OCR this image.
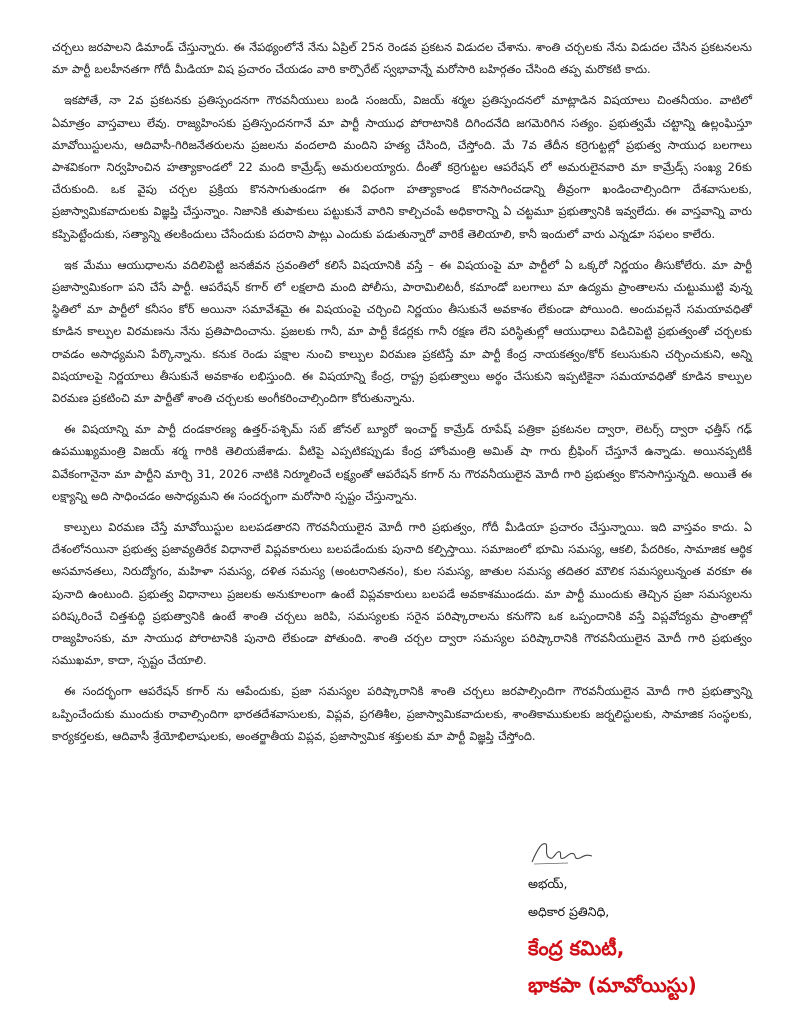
చర్చలు జరపాలని డిమాండ్ చేస్తున్నారు. ఈ నేపథ్యంలోనే నేను ఏప్రిల్ 25న రెండవ ప్రకటన విడుదల చేశాను. శాంతి చర్చలకు నేను విడుదల చేసిన ప్రకటనలను మా పార్టీ బలహీనతగా గోదీ మీడియా విష ప్రచారం చేయడం వారి కార్పొరేట్ స్వభావాన్నే మరోసారి బహిర్గతం చేసింది తప్ప మరొకటి కాదు.

ఇకపోతే, నా 2వ ప్రకటనకు ప్రతిస్పందనగా గౌరవనీయులు బండి సంజయ్, విజయ్ శర్మల ప్రతిస్పందనలో మాట్లాడిన విషయాలు చింతనీయం. వాటిలో ఏమాత్రం వాస్తవాలు లేవు. రాజ్యహింసకు ప్రతిస్పందనగానే మా పార్టీ సాయుధ పోరాటానికి దిగిందనేది జగమెరిగిన సత్యం. ప్రభుత్వమే చట్టాన్ని ఉల్లంఘిస్తూ మావోయిస్టులను, ఆదివాసీ-గిరిజనేతరులను ప్రజలను వందలాది మందిని హత్య చేసింది, చేస్తోంది. మే 7వ తేదీన కర్రెగుట్టల్లో ప్రభుత్వ సాయుధ బలగాలు పాశవికంగా నిర్వహించిన హత్యాకాండలో 22 మంది కామ్రేడ్స్ అమరులయ్యారు. దీంతో కర్రెగుట్టల ఆపరేషన్ లో అమరులైనవారి మా కామ్రేడ్స్ సంఖ్య 26కు చేరుకుంది. ఒక వైపు చర్చల ప్రక్రియ కొనసాగుతుండగా ఈ విధంగా హత్యాకాండ కొనసాగించడాన్ని తీవ్రంగా ఖండించాల్సిందిగా దేశవాసులకు, ప్రజాస్వామికవాదులకు విజ్ఞప్తి చేస్తున్నాం. నిజానికి తుపాకులు పట్టుకునే వారిని కాల్చిచంపే అధికారాన్ని ఏ చట్టమూ ప్రభుత్వానికి ఇవ్వలేదు. ఈ వాస్తవాన్ని వారు కప్పిపెట్టేందుకు, సత్యాన్ని తలకిందులు చేసేందుకు పదరాని పాట్లు ఎందుకు పడుతున్నారో వారికే తెలియాలి, కానీ ఇందులో వారు ఎన్నడూ సఫలం కాలేరు.

ఇక మేము ఆయుధాలను వదిలిపెట్టి జనజీవన స్రవంతిలో కలిసే విషయానికి వస్తే – ఈ విషయంపై మా పార్టీలో ఏ ఒక్కరో నిర్ణయం తీసుకోలేరు. మా పార్టీ ప్రజాస్వామికంగా పని చేసే పార్టీ. ఆపరేషన్ కగార్ లో లక్షలాది మంది పోలీసు, పారామిలిటరీ, కమాండో బలగాలు మా ఉద్యమ ప్రాంతాలను చుట్టుముట్టి వున్న స్థితిలో మా పార్టీలో కనీసం కోర్ అయినా సమావేశమై ఈ విషయంపై చర్చించి నిర్ణయం తీసుకునే అవకాశం లేకుండా పోయింది. అందువల్లనే సమయావధితో కూడిన కాల్పుల విరమణను నేను ప్రతిపాదించాను. ప్రజలకు గానీ, మా పార్టీ కేడర్లకు గానీ రక్షణ లేని పరిస్థితుల్లో ఆయుధాలు విడిచిపెట్టి ప్రభుత్వంతో చర్చలకు రావడం అసాధ్యమని పేర్కొన్నాను. కనుక రెండు పక్షాల నుంచి కాల్పుల విరమణ ప్రకటిస్తే మా పార్టీ కేంద్ర నాయకత్వం/కోర్ కలుసుకుని చర్చించుకుని, అన్ని విషయాలపై నిర్ణయాలు తీసుకునే అవకాశం లభిస్తుంది. ఈ విషయాన్ని కేంద్ర, రాష్ట్ర ప్రభుత్వాలు అర్థం చేసుకుని ఇప్పటికైనా సమయావధితో కూడిన కాల్పుల విరమణ ప్రకటించి మా పార్టీతో శాంతి చర్చలకు అంగీకరించాల్సిందిగా కోరుతున్నాను.

ఈ విషయాన్ని మా పార్టీ దండకారణ్య ఉత్తర్-పశ్చిమ్ సబ్ జోనల్ బ్యూరో ఇంచార్జ్ కామ్రేడ్ రూపేష్ పత్రికా ప్రకటనల ద్వారా, లెటర్స్ ద్వారా ఛత్తీస్ గఢ్ ఉపముఖ్యమంత్రి విజయ్ శర్మ గారికి తెలియజేశాడు. వీటిపై ఎప్పటికప్పుడు కేంద్ర హోంమంత్రి అమిత్ షా గారు బ్రీఫింగ్ చేస్తూనే ఉన్నాడు. అయినప్పటికీ వివేకంగానైనా మా పార్టీని మార్చి 31, 2026 నాటికి నిర్మూలించే లక్ష్యంతో ఆపరేషన్ కగార్ ను గౌరవనీయులైన మోదీ గారి ప్రభుత్వం కొనసాగిస్తున్నది. అయితే ఈ లక్ష్యాన్ని అది సాధించడం అసాధ్యమని ఈ సందర్భంగా మరోసారి స్పష్టం చేస్తున్నాను.

కాల్పులు విరమణ చేస్తే మావోయిస్టుల బలపడతారని గౌరవనీయులైన మోదీ గారి ప్రభుత్వం, గోదీ మీడియా ప్రచారం చేస్తున్నాయి. ఇది వాస్తవం కాదు. ఏ దేశంలోనయినా ప్రభుత్వ ప్రజావ్యతిరేక విధానాలే విప్లవకారులు బలపడేందుకు పునాది కల్పిస్తాయి. సమాజంలో భూమి సమస్య, ఆకలి, పేదరికం, సామాజిక ఆర్థిక అసమానతలు, నిరుద్యోగం, మహిళా సమస్య, దళిత సమస్య (అంటరానితనం), కుల సమస్య, జాతుల సమస్య తదితర మౌలిక సమస్యలున్నంత వరకూ ఈ పునాది ఉంటుంది. ప్రభుత్వ విధానాలు ప్రజలకు అనుకూలంగా ఉంటే విప్లవకారులు బలపడే అవకాశముండదు. మా పార్టీ ముందుకు తెచ్చిన ప్రజా సమస్యలను పరిష్కరించే చిత్తశుద్ధి ప్రభుత్వానికి ఉంటే శాంతి చర్చలు జరిపి, సమస్యలకు సరైన పరిష్కారాలను కనుగొని ఒక ఒప్పందానికి వస్తే విప్లవోద్యమ ప్రాంతాల్లో రాజ్యహింసకు, మా సాయుధ పోరాటానికి పునాది లేకుండా పోతుంది. శాంతి చర్చల ద్వారా సమస్యల పరిష్కారానికి గౌరవనీయులైన మోదీ గారి ప్రభుత్వం సముఖమా, కాదా, స్పష్టం చేయాలి.

ఈ సందర్భంగా ఆపరేషన్ కగార్ ను ఆపేందుకు, ప్రజా సమస్యల పరిష్కారానికి శాంతి చర్చలు జరపాల్సిందిగా గౌరవనీయులైన మోదీ గారి ప్రభుత్వాన్ని ఒప్పించేందుకు ముందుకు రావాల్సిందిగా భారతదేశవాసులకు, విప్లవ, ప్రగతిశీల, ప్రజాస్వామికవాదులకు, శాంతికాముకులకు జర్నలిస్టులకు, సామాజిక సంస్థలకు, కార్యకర్తలకు, ఆదివాసీ శ్రేయోభిలాషులకు, అంతర్జాతీయ విప్లవ, ప్రజాస్వామిక శక్తులకు మా పార్టీ విజ్ఞప్తి చేస్తోంది.

అభయ్,
అధికార ప్రతినిధి,
కేంద్ర కమిటీ,
భాకపా (మావోయిస్టు)
